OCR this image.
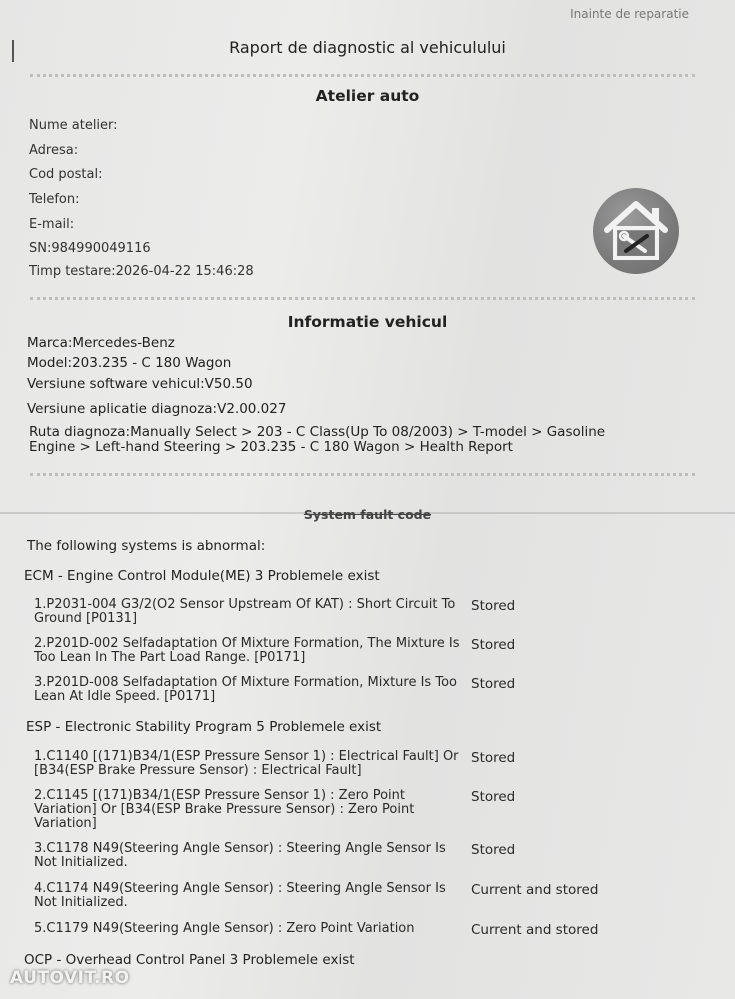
Inainte de reparatie
Raport de diagnostic al vehiculului
Atelier auto
Nume atelier:
Adresa:
Cod postal:
Telefon:
E-mail:
SN:984990049116
Timp testare:2026-04-22 15:46:28
Informatie vehicul
Marca:Mercedes-Benz
Model:203.235 - C 180 Wagon
Versiune software vehicul:V50.50
Versiune aplicatie diagnoza:V2.00.027
Ruta diagnoza:Manually Select > 203 - C Class(Up To 08/2003) > T-model > Gasoline
Engine > Left-hand Steering > 203.235 - C 180 Wagon > Health Report
System fault code
The following systems is abnormal:
ECM - Engine Control Module(ME) 3 Problemele exist
1.P2031-004 G3/2(O2 Sensor Upstream Of KAT) : Short Circuit To Ground [P0131]
Stored
2.P201D-002 Selfadaptation Of Mixture Formation, The Mixture Is Too Lean In The Part Load Range. [P0171]
Stored
3.P201D-008 Selfadaptation Of Mixture Formation, Mixture Is Too Lean At Idle Speed. [P0171]
Stored
ESP - Electronic Stability Program 5 Problemele exist
1.C1140 [(171)B34/1(ESP Pressure Sensor 1) : Electrical Fault] Or [B34(ESP Brake Pressure Sensor) : Electrical Fault]
Stored
2.C1145 [(171)B34/1(ESP Pressure Sensor 1) : Zero Point Variation] Or [B34(ESP Brake Pressure Sensor) : Zero Point Variation]
Stored
3.C1178 N49(Steering Angle Sensor) : Steering Angle Sensor Is Not Initialized.
Stored
4.C1174 N49(Steering Angle Sensor) : Steering Angle Sensor Is Not Initialized.
Current and stored
5.C1179 N49(Steering Angle Sensor) : Zero Point Variation	Current and stored
OCP - Overhead Control Panel 3 Problemele exist
AUTOVIT.RO
